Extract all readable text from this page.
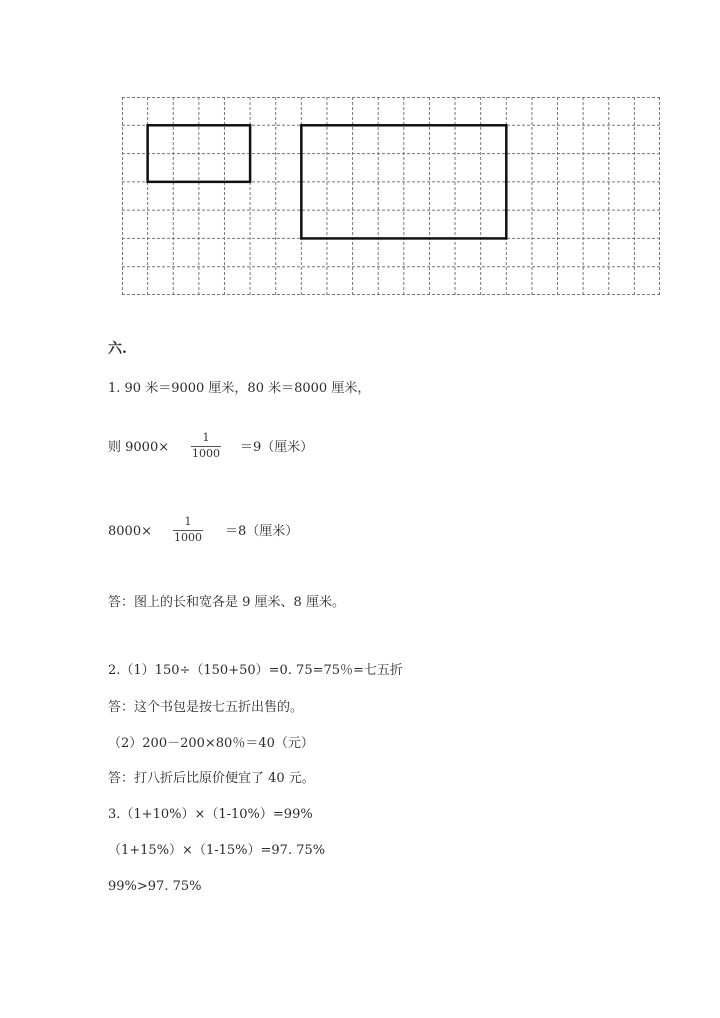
六.
1. 90 米＝9000 厘米，80 米＝8000 厘米，
则 9000×
1
1000 ＝9（厘米）
8000×
1
1000 ＝8（厘米）
答：图上的长和宽各是 9 厘米、8 厘米。
2.（1）150÷（150+50）=0. 75=75％=七五折
答：这个书包是按七五折出售的。
（2）200－200×80％＝40（元）
答：打八折后比原价便宜了 40 元。
3.（1+10%）×（1-10%）=99%
（1+15%）×（1-15%）=97. 75%
99%>97. 75%
